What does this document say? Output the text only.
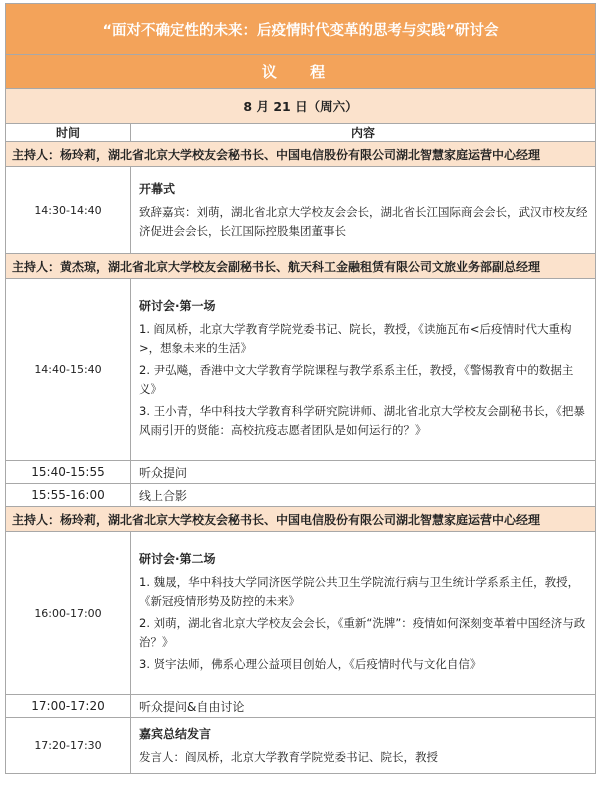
“面对不确定性的未来：后疫情时代变革的思考与实践”研讨会	
议 程	
8 月 21 日（周六）	
时间	内容
主持人：杨玲莉，湖北省北京大学校友会秘书长、中国电信股份有限公司湖北智慧家庭运营中心经理	
14:30-14:40	开幕式
致辞嘉宾：刘萌，湖北省北京大学校友会会长，湖北省长江国际商会会长，武汉市校友经济促进会会长，长江国际控股集团董事长

主持人：黄杰琼，湖北省北京大学校友会副秘书长、航天科工金融租赁有限公司文旅业务部副总经理	
14:40-15:40	研讨会·第一场
1. 阎凤桥，北京大学教育学院党委书记、院长，教授，《读施瓦布<后疫情时代大重构>，想象未来的生活》
2. 尹弘飚，香港中文大学教育学院课程与教学系系主任，教授，《警惕教育中的数据主义》
3. 王小青，华中科技大学教育科学研究院讲师、湖北省北京大学校友会副秘书长，《把暴风雨引开的贤能：高校抗疫志愿者团队是如何运行的？》

15:40-15:55	听众提问
15:55-16:00	线上合影
主持人：杨玲莉，湖北省北京大学校友会秘书长、中国电信股份有限公司湖北智慧家庭运营中心经理	
16:00-17:00	研讨会·第二场
1. 魏晟，华中科技大学同济医学院公共卫生学院流行病与卫生统计学系系主任，教授，《新冠疫情形势及防控的未来》
2. 刘萌，湖北省北京大学校友会会长，《重新“洗牌”：疫情如何深刻变革着中国经济与政治？》
3. 贤宇法师，佛系心理公益项目创始人，《后疫情时代与文化自信》

17:00-17:20	听众提问&自由讨论
17:20-17:30	嘉宾总结发言
发言人：阎凤桥，北京大学教育学院党委书记、院长，教授
